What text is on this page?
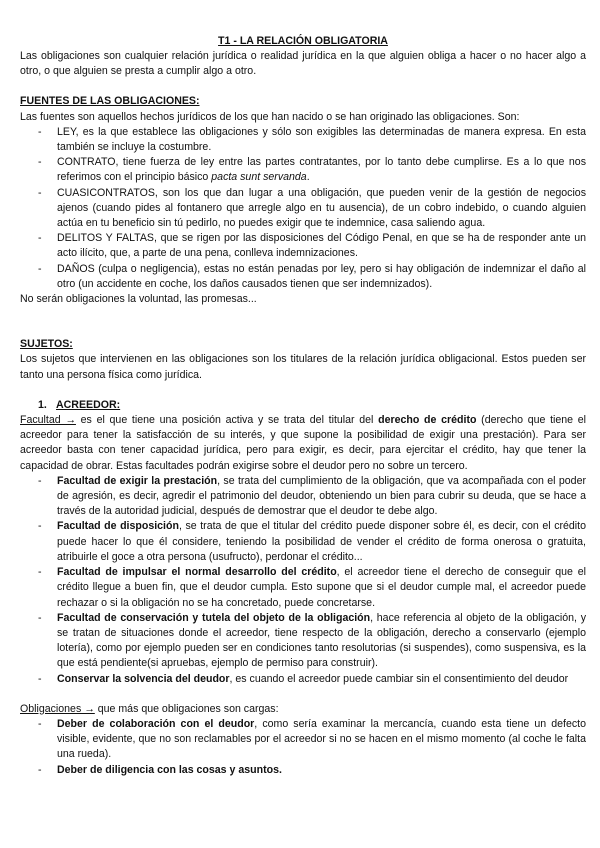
T1 - LA RELACIÓN OBLIGATORIA

Las obligaciones son cualquier relación jurídica o realidad jurídica en la que alguien obliga a hacer o no hacer algo a otro, o que alguien se presta a cumplir algo a otro.

FUENTES DE LAS OBLIGACIONES:

Las fuentes son aquellos hechos jurídicos de los que han nacido o se han originado las obligaciones. Son:

- LEY, es la que establece las obligaciones y sólo son exigibles las determinadas de manera expresa. En esta también se incluye la costumbre.
- CONTRATO, tiene fuerza de ley entre las partes contratantes, por lo tanto debe cumplirse. Es a lo que nos referimos con el principio básico pacta sunt servanda.
- CUASICONTRATOS, son los que dan lugar a una obligación, que pueden venir de la gestión de negocios ajenos (cuando pides al fontanero que arregle algo en tu ausencia), de un cobro indebido, o cuando alguien actúa en tu beneficio sin tú pedirlo, no puedes exigir que te indemnice, casa saliendo agua.
- DELITOS Y FALTAS, que se rigen por las disposiciones del Código Penal, en que se ha de responder ante un acto ilícito, que, a parte de una pena, conlleva indemnizaciones.
- DAÑOS (culpa o negligencia), estas no están penadas por ley, pero si hay obligación de indemnizar el daño al otro (un accidente en coche, los daños causados tienen que ser indemnizados).

No serán obligaciones la voluntad, las promesas...

SUJETOS:

Los sujetos que intervienen en las obligaciones son los titulares de la relación jurídica obligacional. Estos pueden ser tanto una persona física como jurídica.

1. ACREEDOR:

Facultad → es el que tiene una posición activa y se trata del titular del derecho de crédito (derecho que tiene el acreedor para tener la satisfacción de su interés, y que supone la posibilidad de exigir una prestación). Para ser acreedor basta con tener capacidad jurídica, pero para exigir, es decir, para ejercitar el crédito, hay que tener la capacidad de obrar. Estas facultades podrán exigirse sobre el deudor pero no sobre un tercero.

- Facultad de exigir la prestación, se trata del cumplimiento de la obligación, que va acompañada con el poder de agresión, es decir, agredir el patrimonio del deudor, obteniendo un bien para cubrir su deuda, que se hace a través de la autoridad judicial, después de demostrar que el deudor te debe algo.
- Facultad de disposición, se trata de que el titular del crédito puede disponer sobre él, es decir, con el crédito puede hacer lo que él considere, teniendo la posibilidad de vender el crédito de forma onerosa o gratuita, atribuirle el goce a otra persona (usufructo), perdonar el crédito...
- Facultad de impulsar el normal desarrollo del crédito, el acreedor tiene el derecho de conseguir que el crédito llegue a buen fin, que el deudor cumpla. Esto supone que si el deudor cumple mal, el acreedor puede rechazar o si la obligación no se ha concretado, puede concretarse.
- Facultad de conservación y tutela del objeto de la obligación, hace referencia al objeto de la obligación, y se tratan de situaciones donde el acreedor, tiene respecto de la obligación, derecho a conservarlo (ejemplo lotería), como por ejemplo pueden ser en condiciones tanto resolutorias (si suspendes), como suspensiva, es la que está pendiente(si apruebas, ejemplo de permiso para construir).
- Conservar la solvencia del deudor, es cuando el acreedor puede cambiar sin el consentimiento del deudor

Obligaciones → que más que obligaciones son cargas:

- Deber de colaboración con el deudor, como sería examinar la mercancía, cuando esta tiene un defecto visible, evidente, que no son reclamables por el acreedor si no se hacen en el mismo momento (al coche le falta una rueda).
- Deber de diligencia con las cosas y asuntos.
